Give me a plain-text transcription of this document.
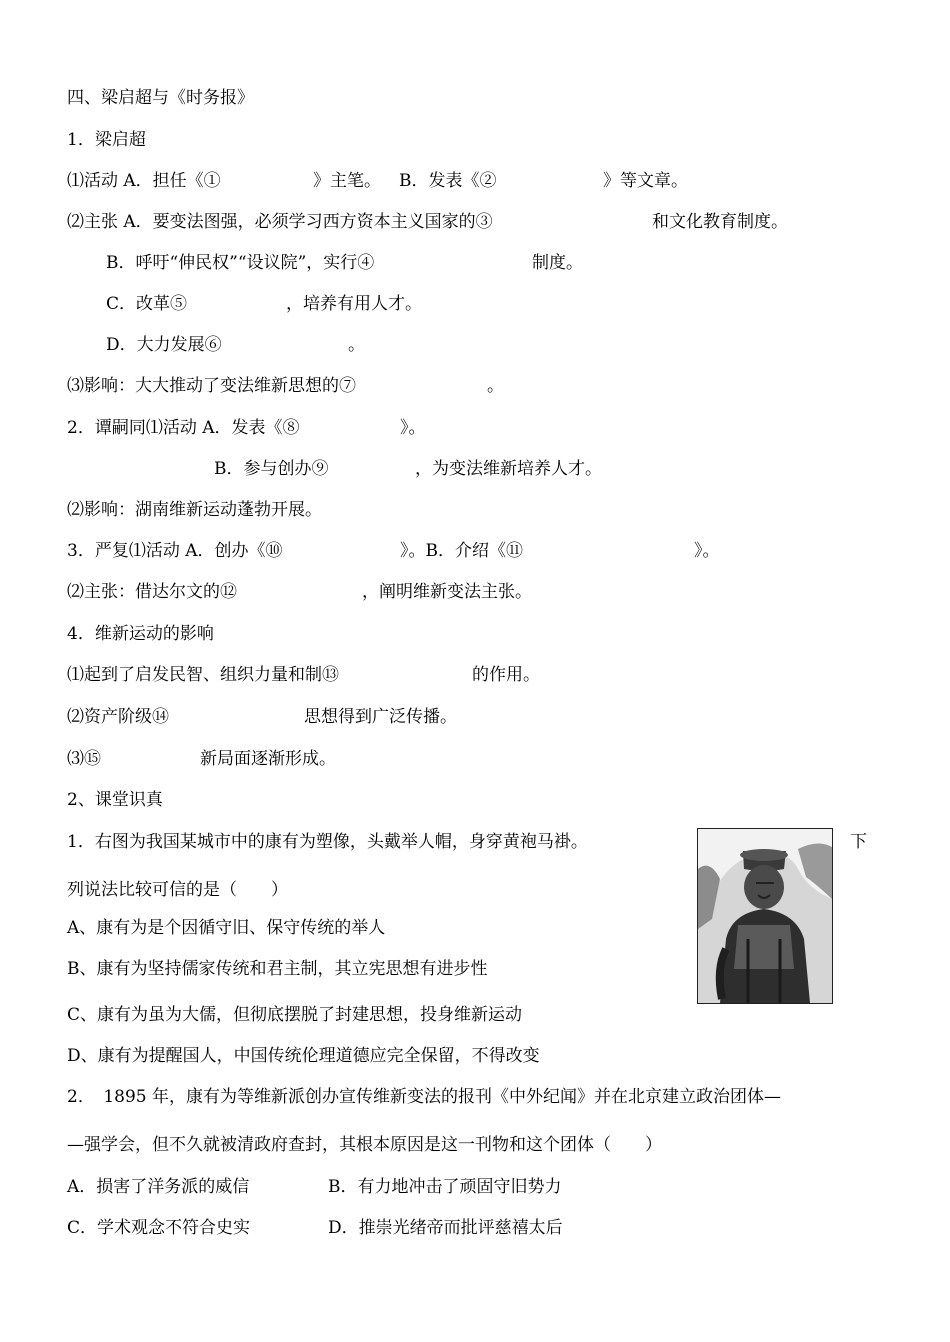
四、梁启超与《时务报》
1．梁启超
⑴活动 A．担任《①	》主笔。 B．发表《②	》等文章。
⑵主张 A．要变法图强，必须学习西方资本主义国家的③	和文化教育制度。
B．呼吁“伸民权”“设议院”，实行④	制度。
C．改革⑤	，培养有用人才。
D．大力发展⑥	。
⑶影响：大大推动了变法维新思想的⑦	。
2．谭嗣同⑴活动 A．发表《⑧	》。
B．参与创办⑨	，为变法维新培养人才。
⑵影响：湖南维新运动蓬勃开展。
3．严复⑴活动 A．创办《⑩	》。B．介绍《⑪	》。
⑵主张：借达尔文的⑫	，阐明维新变法主张。
4．维新运动的影响
⑴起到了启发民智、组织力量和制⑬	的作用。
⑵资产阶级⑭	思想得到广泛传播。
⑶⑮	新局面逐渐形成。
2、课堂识真
1．右图为我国某城市中的康有为塑像，头戴举人帽，身穿黄袍马褂。	下
列说法比较可信的是（　　）
A、康有为是个因循守旧、保守传统的举人
B、康有为坚持儒家传统和君主制，其立宪思想有进步性
C、康有为虽为大儒，但彻底摆脱了封建思想，投身维新运动
D、康有为提醒国人，中国传统伦理道德应完全保留，不得改变
2．　1895 年，康有为等维新派创办宣传维新变法的报刊《中外纪闻》并在北京建立政治团体—
—强学会，但不久就被清政府查封，其根本原因是这一刊物和这个团体（　　）
A．损害了洋务派的威信	B．有力地冲击了顽固守旧势力
C．学术观念不符合史实	D．推崇光绪帝而批评慈禧太后
